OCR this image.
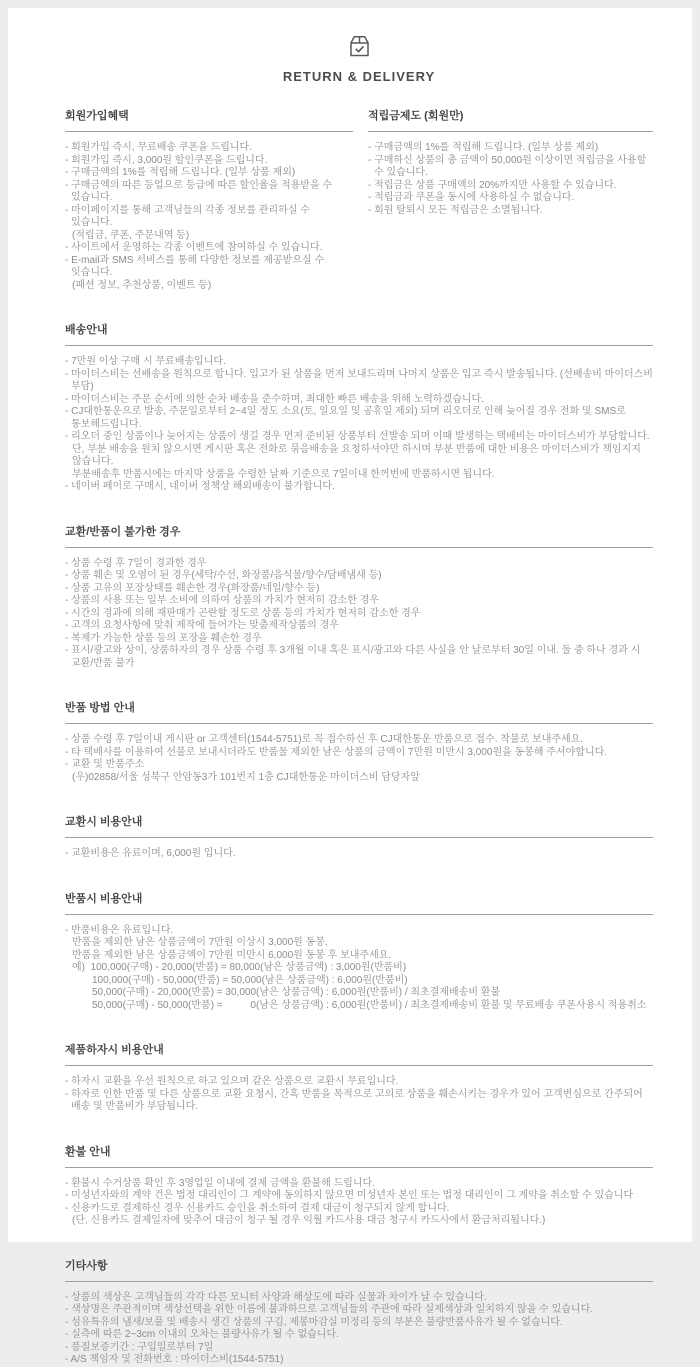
RETURN & DELIVERY
회원가입혜택
- 회원가입 즉시, 무료배송 쿠폰을 드립니다.
- 회원가입 즉시, 3,000원 할인쿠폰을 드립니다.
- 구매금액의 1%를 적립해 드립니다. (일부 상품 제외)
- 구매금액의 따른 등업으로 등급에 따른 할인율을 적용받을 수 있습니다.
- 마이페이지를 통해 고객님들의 각종 정보를 관리하실 수 있습니다.
(적립금, 쿠폰, 주문내역 등)
- 사이트에서 운영하는 각종 이벤트에 참여하실 수 있습니다.
- E-mail과 SMS 서비스를 통해 다양한 정보를 제공받으실 수 잇습니다.
(패션 정보, 추천상품, 이벤트 등)
적립금제도 (회원만)
- 구매금액의 1%를 적립해 드립니다. (일부 상품 제외)
- 구매하신 상품의 총 금액이 50,000원 이상이면 적립금을 사용할 수 있습니다.
- 적립금은 상품 구매액의 20%까지만 사용할 수 있습니다.
- 적립금과 쿠폰을 동시에 사용하실 수 없습니다.
- 회원 탈퇴시 모든 적립금은 소멸됩니다.
배송안내
- 7만원 이상 구매 시 무료배송입니다.
- 마이더스비는 선배송을 원칙으로 합니다. 입고가 된 상품을 먼저 보내드리며 나머지 상품은 입고 즉시 발송됩니다. (선배송비 마이더스비 부담)
- 마이더스비는 주문 순서에 의한 순차 배송을 준수하며, 최대한 빠른 배송을 위해 노력하겠습니다.
- CJ대한통운으로 발송, 주문일로부터 2~4일 정도 소요(토, 일요일 및 공휴일 제외) 되며 리오더로 인해 늦어질 경우 전화 및 SMS로 통보해드립니다.
- 리오더 중인 상품이나 늦어지는 상품이 생길 경우 먼저 준비된 상품부터 선발송 되며 이때 발생하는 택배비는 마이더스비가 부담합니다.
단, 부분 배송을 원치 않으시면 게시판 혹은 전화로 묶음배송을 요청하셔야만 하시며 부분 반품에 대한 비용은 마이더스비가 책임지지 않습니다.
부분배송후 반품시에는 마지막 상품을 수령한 날짜 기준으로 7일이내 한꺼번에 반품하시면 됩니다.
- 네이버 페이로 구매시, 네이버 정책상 해외배송이 불가합니다.
교환/반품이 불가한 경우
- 상품 수령 후 7일이 경과한 경우
- 상품 훼손 및 오염이 된 경우(세탁/수선, 화장품/음식물/향수/담배냄새 등)
- 상품 고유의 포장상태를 훼손한 경우(화장품/네일/향수 등)
- 상품의 사용 또는 일부 소비에 의하여 상품의 가치가 현저히 감소한 경우
- 시간의 경과에 의해 재판매가 곤란할 정도로 상품 등의 가치가 현저히 감소한 경우
- 고객의 요청사항에 맞춰 제작에 들어가는 맞춤제작상품의 경우
- 복제가 가능한 상품 등의 포장을 훼손한 경우
- 표시/광고와 상이, 상품하자의 경우 상품 수령 후 3개월 이내 혹은 표시/광고와 다른 사실을 안 날로부터 30일 이내. 둘 중 하나 경과 시 교환/반품 불가
반품 방법 안내
- 상품 수령 후 7일이내 게시판 or 고객센터(1544-5751)로 꼭 접수하신 후 CJ대한통운 반품으로 접수. 착불로 보내주세요.
- 타 택배사를 이용하여 선불로 보내시더라도 반품물 제외한 남은 상품의 금액이 7만원 미만시 3,000원을 동봉해 주셔야합니다.
- 교환 및 반품주소
(우)02858/서울 성북구 안암동3가 101번지 1층 CJ대한통운 마이더스비 담당자앞
교환시 비용안내
- 교환비용은 유료이며, 6,000원 입니다.
반품시 비용안내
- 반품비용은 유료입니다.
반품을 제외한 남은 상품금액이 7만원 이상시 3,000원 동봉,
반품을 제외한 남은 상품금액이 7만원 미만시 6,000원 동봉 후 보내주세요.
예)  100,000(구매) - 20,000(반품) = 80,000(남은 상품금액) : 3,000원(반품비)
100,000(구매) - 50,000(반품) = 50,000(남은 상품금액) : 6,000원(반품비)
50,000(구매) - 20,000(반품) = 30,000(남은 상품금액) : 6,000원(반품비) / 최초결제배송비 환불
50,000(구매) - 50,000(반품) =          0(남은 상품금액) : 6,000원(반품비) / 최초결제배송비 환불 및 무료배송 쿠폰사용시 적용취소
제품하자시 비용안내
- 하자시 교환을 우선 원칙으로 하고 있으며 같은 상품으로 교환시 무료입니다.
- 하자로 인한 반품 및 다른 상품으로 교환 요청시, 간혹 반품을 목적으로 고의로 상품을 훼손시키는 경우가 있어 고객변심으로 간주되어 배송 및 반품비가 부담됩니다.
환불 안내
- 환불시 수거상품 확인 후 3영업일 이내에 결제 금액을 환불해 드립니다.
- 미성년자와의 계약 건은 법정 대리인이 그 계약에 동의하지 않으면 미성년자 본인 또는 법정 대리인이 그 계약을 취소할 수 있습니다
- 신용카드로 결제하신 경우 신용카드 승인을 취소하여 결제 대금이 청구되지 않게 합니다.
(단, 신용카드 결제일자에 맞추어 대금이 청구 될 경우 익월 카드사용 대금 청구시 카드사에서 환급처리됩니다.)
기타사항
- 상품의 색상은 고객님들의 각각 다른 모니터 사양과 해상도에 따라 실물과 차이가 날 수 있습니다.
- 색상명은 주관적이며 색상선택을 위한 이름에 불과하므로 고객님들의 주관에 따라 실제색상과 일치하지 않을 수 있습니다.
- 섬유특유의 냄새/보풀 및 배송시 생긴 상품의 구김, 제봉마감실 미정리 등의 부분은 불량반품사유가 될 수 없습니다.
- 실측에 따른 2~3cm 이내의 오차는 불량사유가 될 수 없습니다.
- 품질보증기간 : 구입일로부터 7일
- A/S 책임자 및 전화번호 : 마이더스비(1544-5751)
